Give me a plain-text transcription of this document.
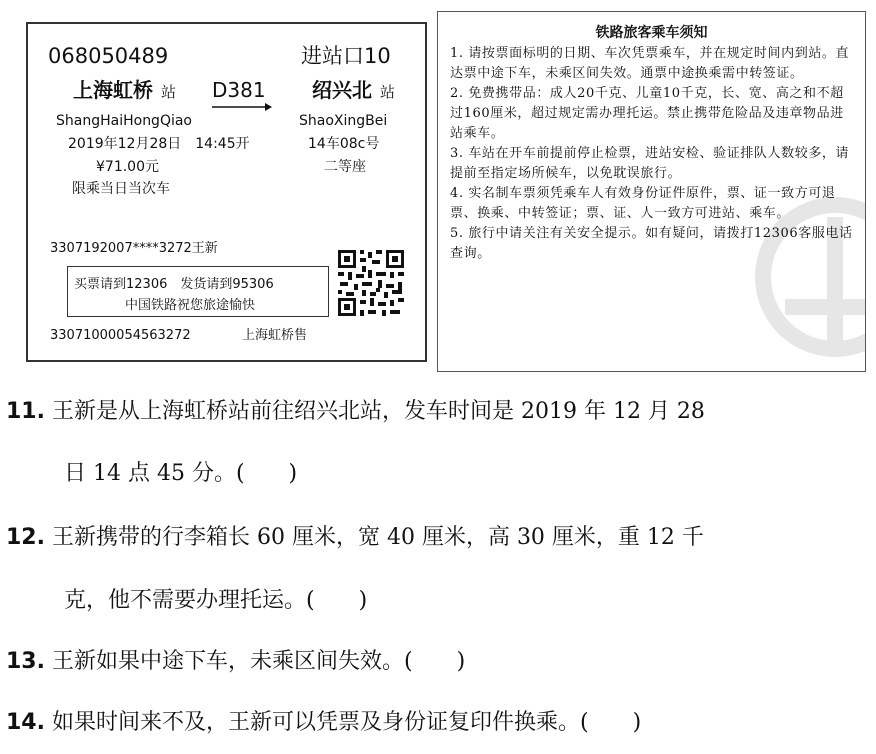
068050489	进站口10
上海虹桥 站 D381 绍兴北 站
ShangHaiHongQiao	ShaoXingBei
2019年12月28日　14:45开	14车08c号
¥71.00元	二等座
限乘当日当次车
3307192007****3272王新
买票请到12306　发货请到95306
中国铁路祝您旅途愉快
33071000054563272	上海虹桥售
铁路旅客乘车须知

1. 请按票面标明的日期、车次凭票乘车，并在规定时间内到站。直达票中途下车，未乘区间失效。通票中途换乘需中转签证。

2. 免费携带品：成人20千克、儿童10千克，长、宽、高之和不超过160厘米，超过规定需办理托运。禁止携带危险品及违章物品进站乘车。

3. 车站在开车前提前停止检票，进站安检、验证排队人数较多，请提前至指定场所候车，以免耽误旅行。

4. 实名制车票须凭乘车人有效身份证件原件，票、证一致方可退票、换乘、中转签证；票、证、人一致方可进站、乘车。

5. 旅行中请关注有关安全提示。如有疑问，请拨打12306客服电话查询。

11. 王新是从上海虹桥站前往绍兴北站，发车时间是 2019 年 12 月 28
日 14 点 45 分。(　　)
12. 王新携带的行李箱长 60 厘米，宽 40 厘米，高 30 厘米，重 12 千
克，他不需要办理托运。(　　)
13. 王新如果中途下车，未乘区间失效。(　　)
14. 如果时间来不及，王新可以凭票及身份证复印件换乘。(　　)
